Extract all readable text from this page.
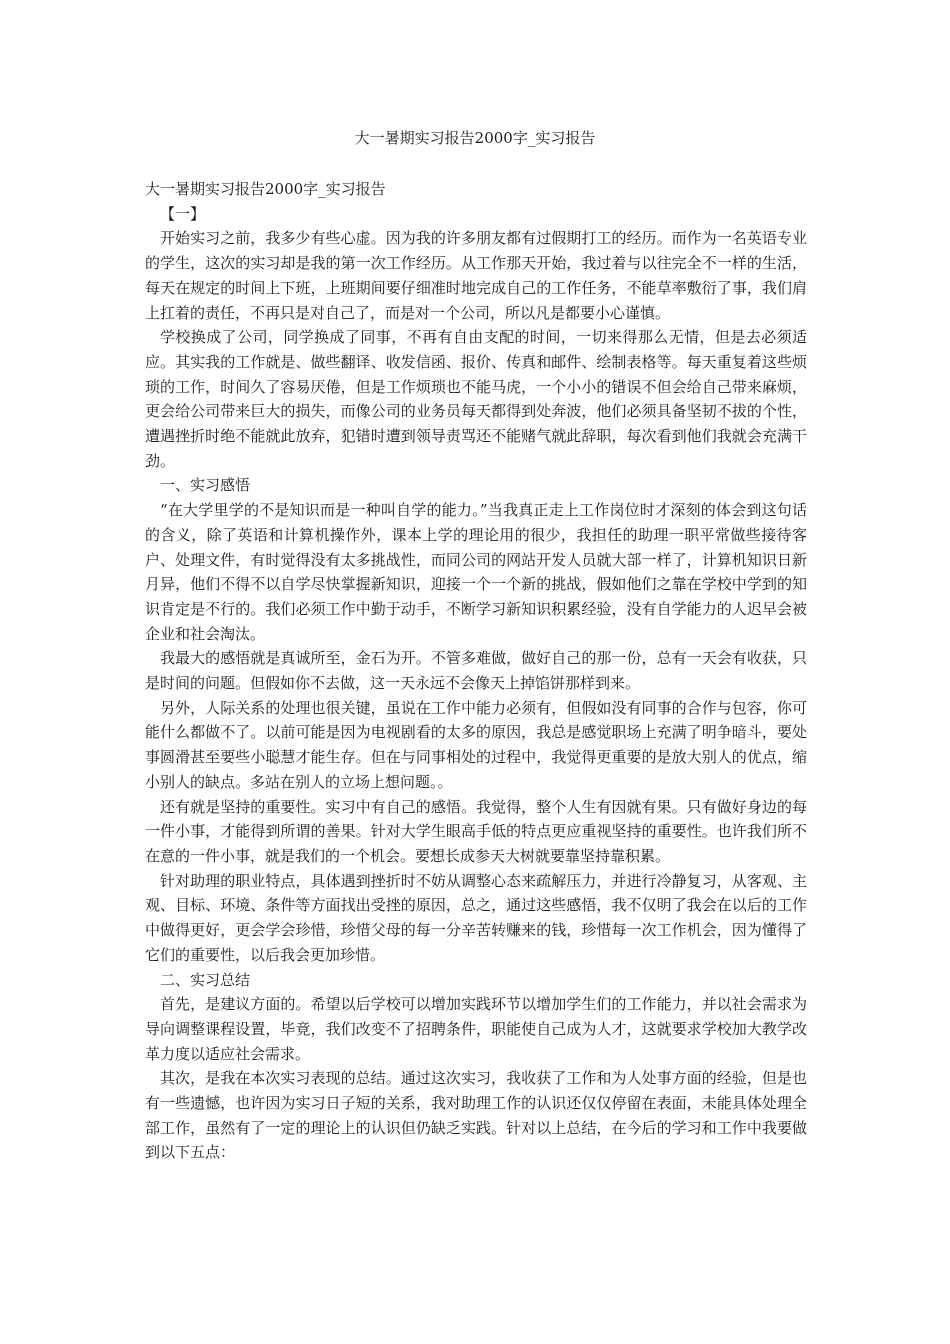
大一暑期实习报告2000字_实习报告

大一暑期实习报告2000字_实习报告

【一】

开始实习之前，我多少有些心虚。因为我的许多朋友都有过假期打工的经历。而作为一名英语专业的学生，这次的实习却是我的第一次工作经历。从工作那天开始，我过着与以往完全不一样的生活，每天在规定的时间上下班，上班期间要仔细准时地完成自己的工作任务，不能草率敷衍了事，我们肩上扛着的责任，不再只是对自己了，而是对一个公司，所以凡是都要小心谨慎。

学校换成了公司，同学换成了同事，不再有自由支配的时间，一切来得那么无情，但是去必须适应。其实我的工作就是、做些翻译、收发信函、报价、传真和邮件、绘制表格等。每天重复着这些烦琐的工作，时间久了容易厌倦，但是工作烦琐也不能马虎，一个小小的错误不但会给自己带来麻烦，更会给公司带来巨大的损失，而像公司的业务员每天都得到处奔波，他们必须具备坚韧不拔的个性，遭遇挫折时绝不能就此放弃，犯错时遭到领导责骂还不能赌气就此辞职，每次看到他们我就会充满干劲。

一、实习感悟

“在大学里学的不是知识而是一种叫自学的能力。”当我真正走上工作岗位时才深刻的体会到这句话的含义，除了英语和计算机操作外，课本上学的理论用的很少，我担任的助理一职平常做些接待客户、处理文件，有时觉得没有太多挑战性，而同公司的网站开发人员就大部一样了，计算机知识日新月异，他们不得不以自学尽快掌握新知识，迎接一个一个新的挑战，假如他们之靠在学校中学到的知识肯定是不行的。我们必须工作中勤于动手，不断学习新知识积累经验，没有自学能力的人迟早会被企业和社会淘汰。

我最大的感悟就是真诚所至，金石为开。不管多难做，做好自己的那一份，总有一天会有收获，只是时间的问题。但假如你不去做，这一天永远不会像天上掉馅饼那样到来。

另外，人际关系的处理也很关键，虽说在工作中能力必须有，但假如没有同事的合作与包容，你可能什么都做不了。以前可能是因为电视剧看的太多的原因，我总是感觉职场上充满了明争暗斗，要处事圆滑甚至要些小聪慧才能生存。但在与同事相处的过程中，我觉得更重要的是放大别人的优点，缩小别人的缺点。多站在别人的立场上想问题。。

还有就是坚持的重要性。实习中有自己的感悟。我觉得，整个人生有因就有果。只有做好身边的每一件小事，才能得到所谓的善果。针对大学生眼高手低的特点更应重视坚持的重要性。也许我们所不在意的一件小事，就是我们的一个机会。要想长成参天大树就要靠坚持靠积累。

针对助理的职业特点，具体遇到挫折时不妨从调整心态来疏解压力，并进行冷静复习，从客观、主观、目标、环境、条件等方面找出受挫的原因，总之，通过这些感悟，我不仅明了我会在以后的工作中做得更好，更会学会珍惜，珍惜父母的每一分辛苦转赚来的钱，珍惜每一次工作机会，因为懂得了它们的重要性，以后我会更加珍惜。

二、实习总结

首先，是建议方面的。希望以后学校可以增加实践环节以增加学生们的工作能力，并以社会需求为导向调整课程设置，毕竟，我们改变不了招聘条件，职能使自己成为人才，这就要求学校加大教学改革力度以适应社会需求。

其次，是我在本次实习表现的总结。通过这次实习，我收获了工作和为人处事方面的经验，但是也有一些遗憾，也许因为实习日子短的关系，我对助理工作的认识还仅仅停留在表面，未能具体处理全部工作，虽然有了一定的理论上的认识但仍缺乏实践。针对以上总结，在今后的学习和工作中我要做到以下五点：
